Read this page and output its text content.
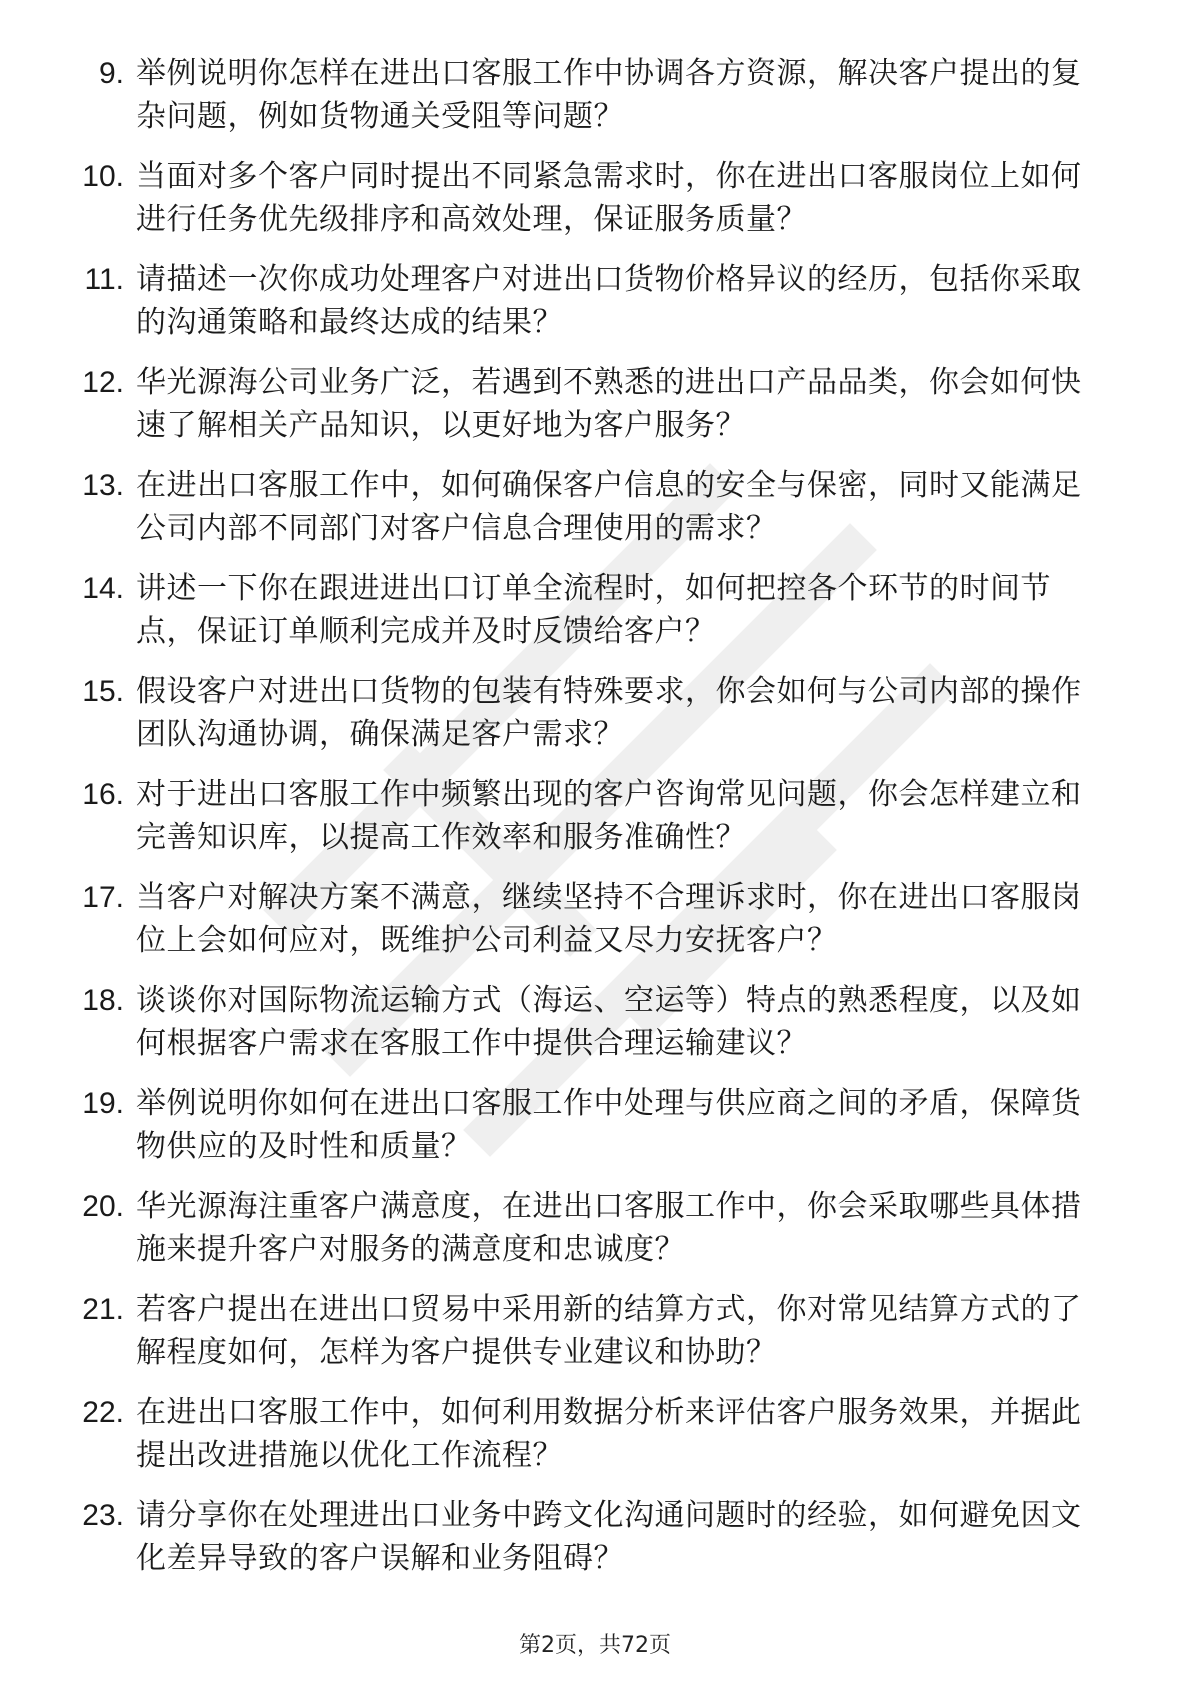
9. 举例说明你怎样在进出口客服工作中协调各方资源，解决客户提出的复杂问题，例如货物通关受阻等问题？
10. 当面对多个客户同时提出不同紧急需求时，你在进出口客服岗位上如何进行任务优先级排序和高效处理，保证服务质量？
11. 请描述一次你成功处理客户对进出口货物价格异议的经历，包括你采取的沟通策略和最终达成的结果？
12. 华光源海公司业务广泛，若遇到不熟悉的进出口产品品类，你会如何快速了解相关产品知识，以更好地为客户服务？
13. 在进出口客服工作中，如何确保客户信息的安全与保密，同时又能满足公司内部不同部门对客户信息合理使用的需求？
14. 讲述一下你在跟进进出口订单全流程时，如何把控各个环节的时间节点，保证订单顺利完成并及时反馈给客户？
15. 假设客户对进出口货物的包装有特殊要求，你会如何与公司内部的操作团队沟通协调，确保满足客户需求？
16. 对于进出口客服工作中频繁出现的客户咨询常见问题，你会怎样建立和完善知识库，以提高工作效率和服务准确性？
17. 当客户对解决方案不满意，继续坚持不合理诉求时，你在进出口客服岗位上会如何应对，既维护公司利益又尽力安抚客户？
18. 谈谈你对国际物流运输方式（海运、空运等）特点的熟悉程度，以及如何根据客户需求在客服工作中提供合理运输建议？
19. 举例说明你如何在进出口客服工作中处理与供应商之间的矛盾，保障货物供应的及时性和质量？
20. 华光源海注重客户满意度，在进出口客服工作中，你会采取哪些具体措施来提升客户对服务的满意度和忠诚度？
21. 若客户提出在进出口贸易中采用新的结算方式，你对常见结算方式的了解程度如何，怎样为客户提供专业建议和协助？
22. 在进出口客服工作中，如何利用数据分析来评估客户服务效果，并据此提出改进措施以优化工作流程？
23. 请分享你在处理进出口业务中跨文化沟通问题时的经验，如何避免因文化差异导致的客户误解和业务阻碍？
第2页，共72页
